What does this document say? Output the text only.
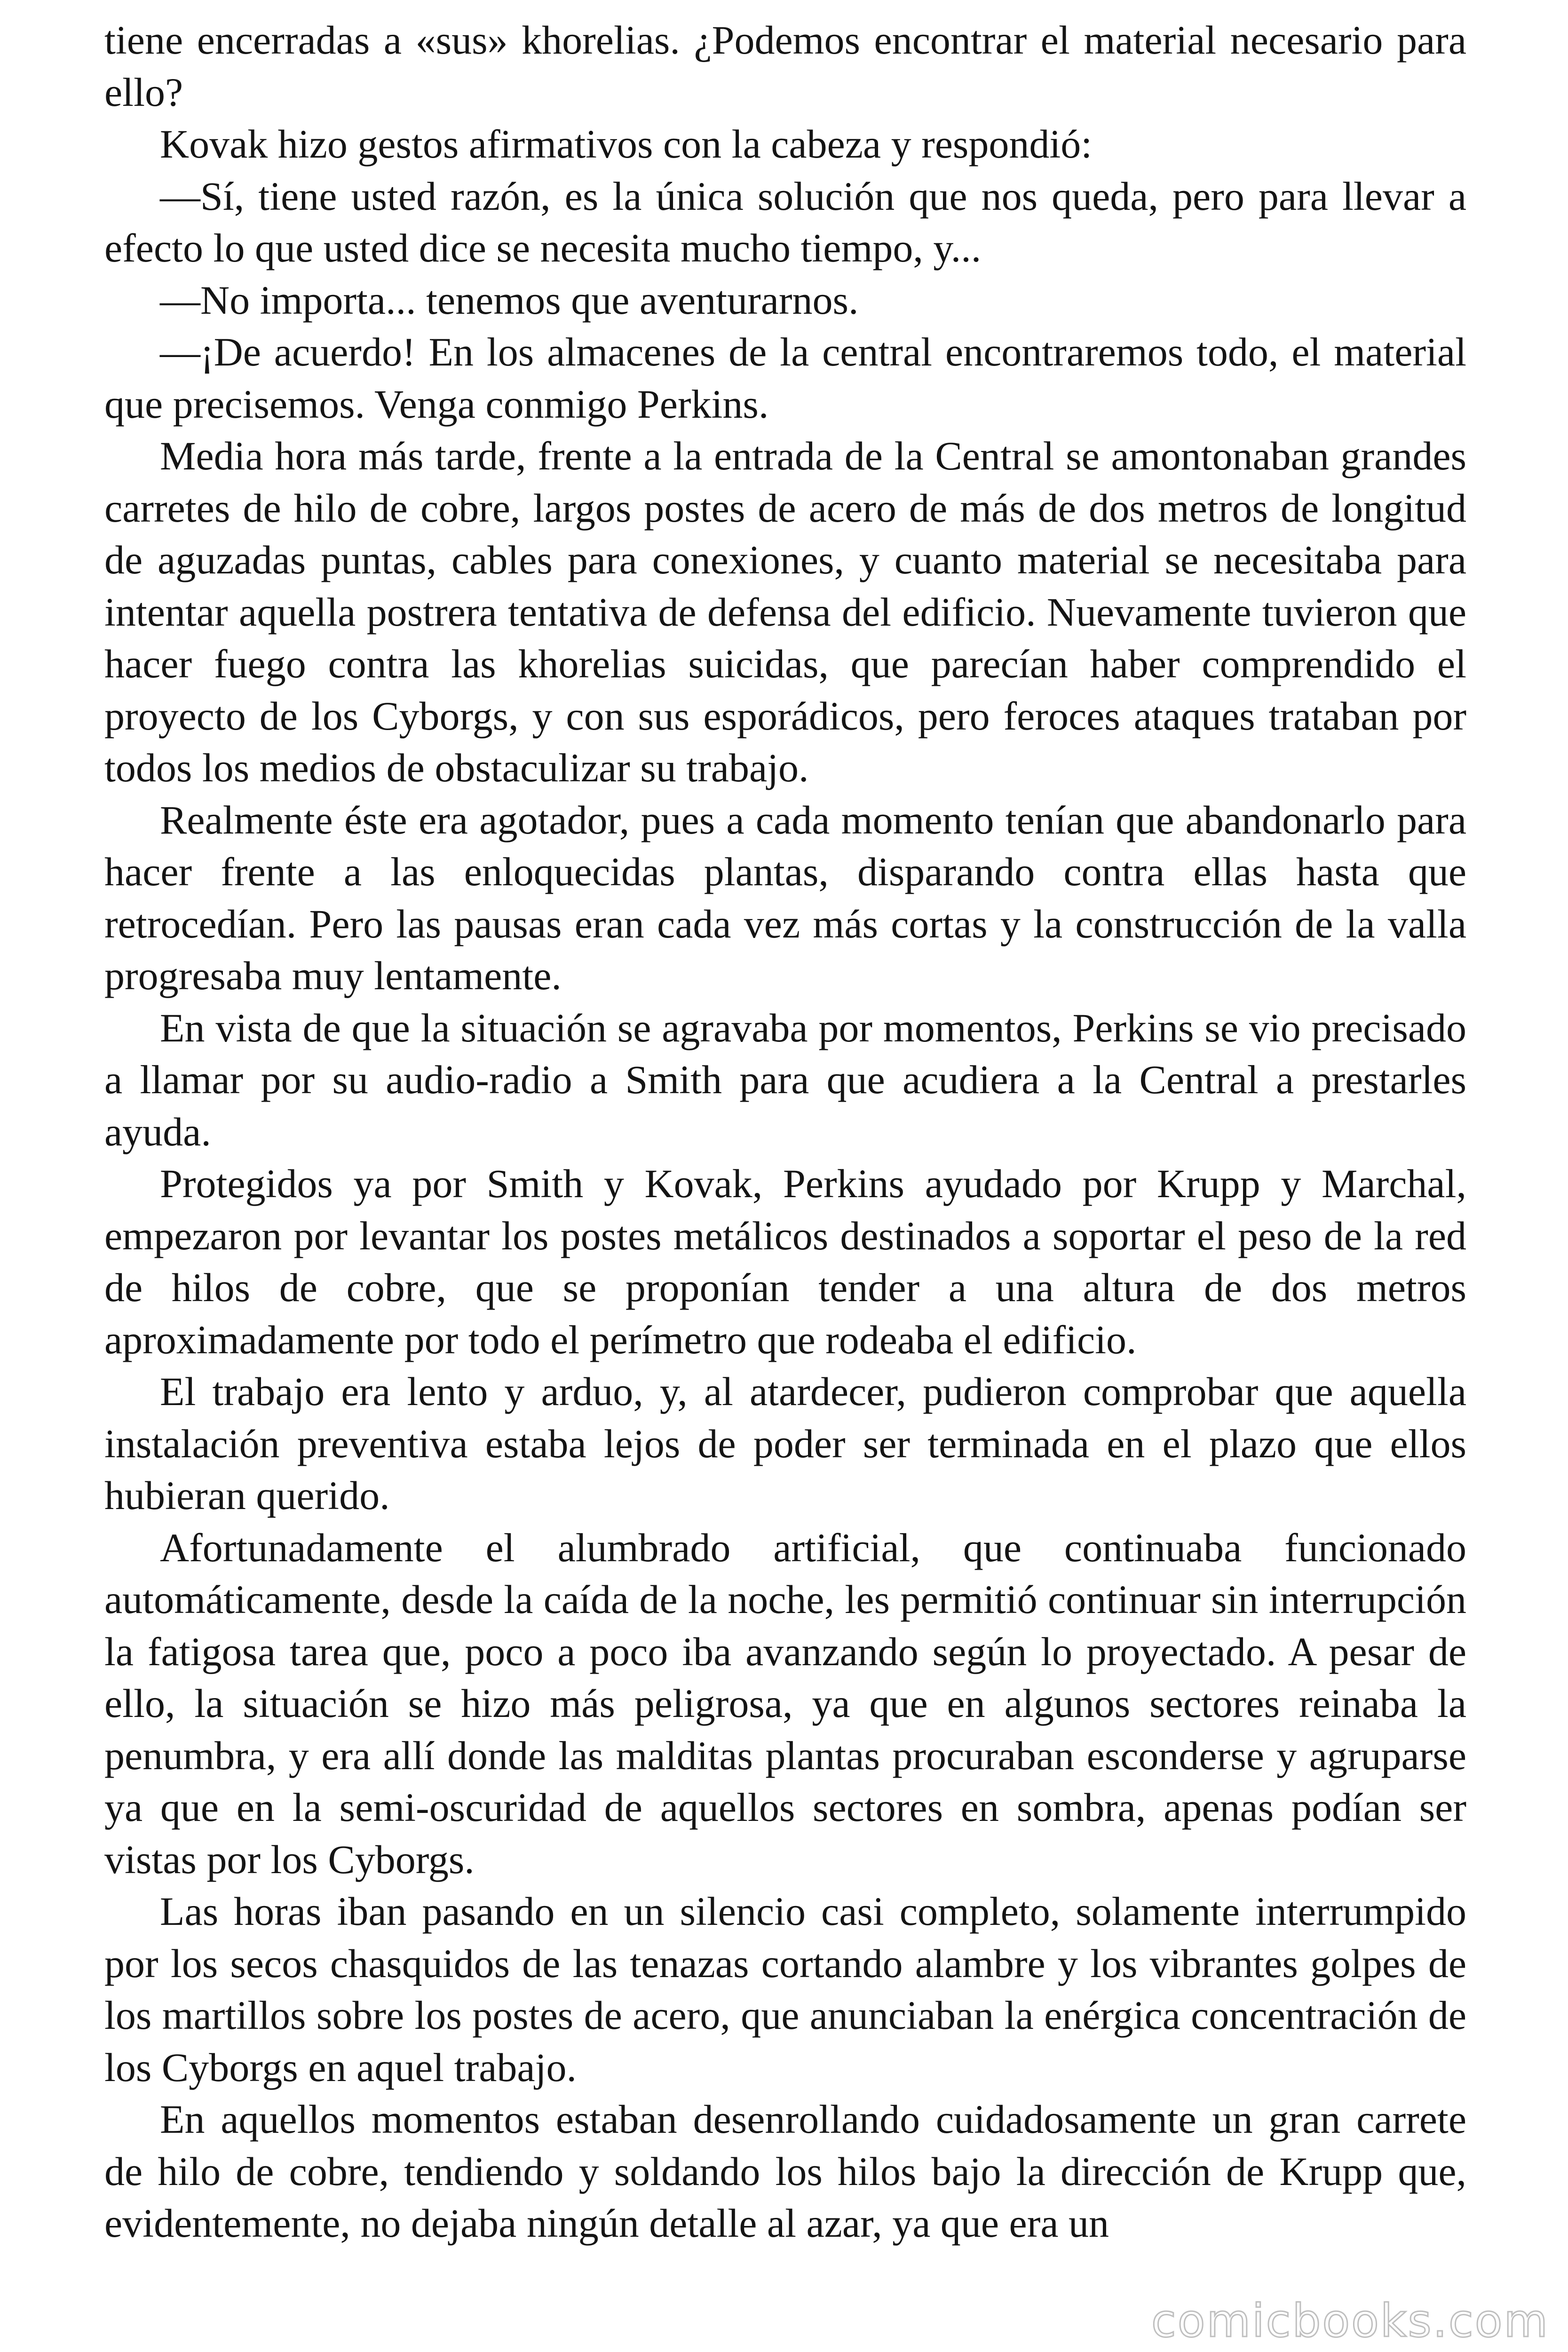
tiene encerradas a «sus» khorelias. ¿Podemos encontrar el material necesario para ello?

Kovak hizo gestos afirmativos con la cabeza y respondió:

—Sí, tiene usted razón, es la única solución que nos queda, pero para llevar a efecto lo que usted dice se necesita mucho tiempo, y...

—No importa... tenemos que aventurarnos.

—¡De acuerdo! En los almacenes de la central encontraremos todo, el material que precisemos. Venga conmigo Perkins.

Media hora más tarde, frente a la entrada de la Central se amontonaban grandes carretes de hilo de cobre, largos postes de acero de más de dos metros de longitud de aguzadas puntas, cables para conexiones, y cuanto material se necesitaba para intentar aquella postrera tentativa de defensa del edificio. Nuevamente tuvieron que hacer fuego contra las khorelias suicidas, que parecían haber comprendido el proyecto de los Cyborgs, y con sus esporádicos, pero feroces ataques trataban por todos los medios de obstaculizar su trabajo.

Realmente éste era agotador, pues a cada momento tenían que abandonarlo para hacer frente a las enloquecidas plantas, disparando contra ellas hasta que retrocedían. Pero las pausas eran cada vez más cortas y la construcción de la valla progresaba muy lentamente.

En vista de que la situación se agravaba por momentos, Perkins se vio precisado a llamar por su audio-radio a Smith para que acudiera a la Central a prestarles ayuda.

Protegidos ya por Smith y Kovak, Perkins ayudado por Krupp y Marchal, empezaron por levantar los postes metálicos destinados a soportar el peso de la red de hilos de cobre, que se proponían tender a una altura de dos metros aproximadamente por todo el perímetro que rodeaba el edificio.

El trabajo era lento y arduo, y, al atardecer, pudieron comprobar que aquella instalación preventiva estaba lejos de poder ser terminada en el plazo que ellos hubieran querido.

Afortunadamente el alumbrado artificial, que continuaba funcionado automáticamente, desde la caída de la noche, les permitió continuar sin interrupción la fatigosa tarea que, poco a poco iba avanzando según lo proyectado. A pesar de ello, la situación se hizo más peligrosa, ya que en algunos sectores reinaba la penumbra, y era allí donde las malditas plantas procuraban esconderse y agruparse ya que en la semi-oscuridad de aquellos sectores en sombra, apenas podían ser vistas por los Cyborgs.

Las horas iban pasando en un silencio casi completo, solamente interrumpido por los secos chasquidos de las tenazas cortando alambre y los vibrantes golpes de los martillos sobre los postes de acero, que anunciaban la enérgica concentración de los Cyborgs en aquel trabajo.

En aquellos momentos estaban desenrollando cuidadosamente un gran carrete de hilo de cobre, tendiendo y soldando los hilos bajo la dirección de Krupp que, evidentemente, no dejaba ningún detalle al azar, ya que era un

comicbooks.com
